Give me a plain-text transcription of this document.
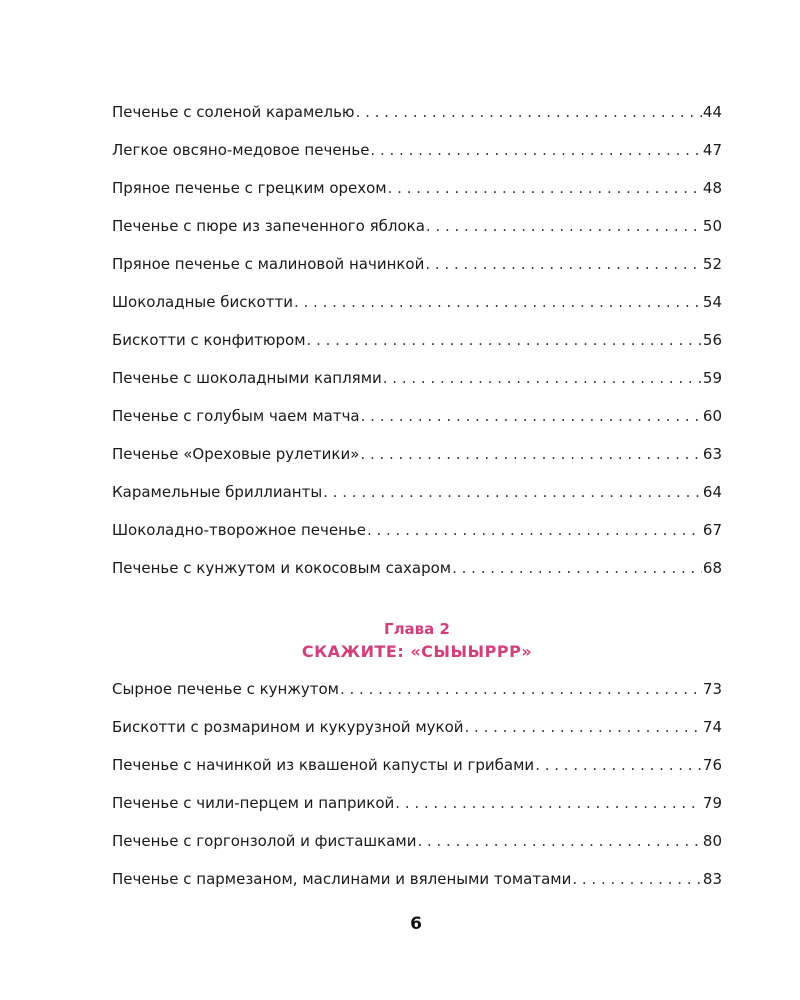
Печенье с соленой карамелью . . .	44
Легкое овсяно-медовое печенье . . .	47
Пряное печенье с грецким орехом . . .	48
Печенье с пюре из запеченного яблока . . .	50
Пряное печенье с малиновой начинкой . . .	52
Шоколадные бискотти . . .	54
Бискотти с конфитюром . . .	56
Печенье с шоколадными каплями . . .	59
Печенье с голубым чаем матча . . .	60
Печенье «Ореховые рулетики» . . .	63
Карамельные бриллианты . . .	64
Шоколадно-творожное печенье . . .	67
Печенье с кунжутом и кокосовым сахаром . . .	68
Глава 2
СКАЖИТЕ: «СЫЫЫРРР»
Сырное печенье с кунжутом . . .	73
Бискотти с розмарином и кукурузной мукой . . .	74
Печенье с начинкой из квашеной капусты и грибами . . .	76
Печенье с чили-перцем и паприкой . . .	79
Печенье с горгонзолой и фисташками . . .	80
Печенье с пармезаном, маслинами и вялеными томатами . . .	83
6
